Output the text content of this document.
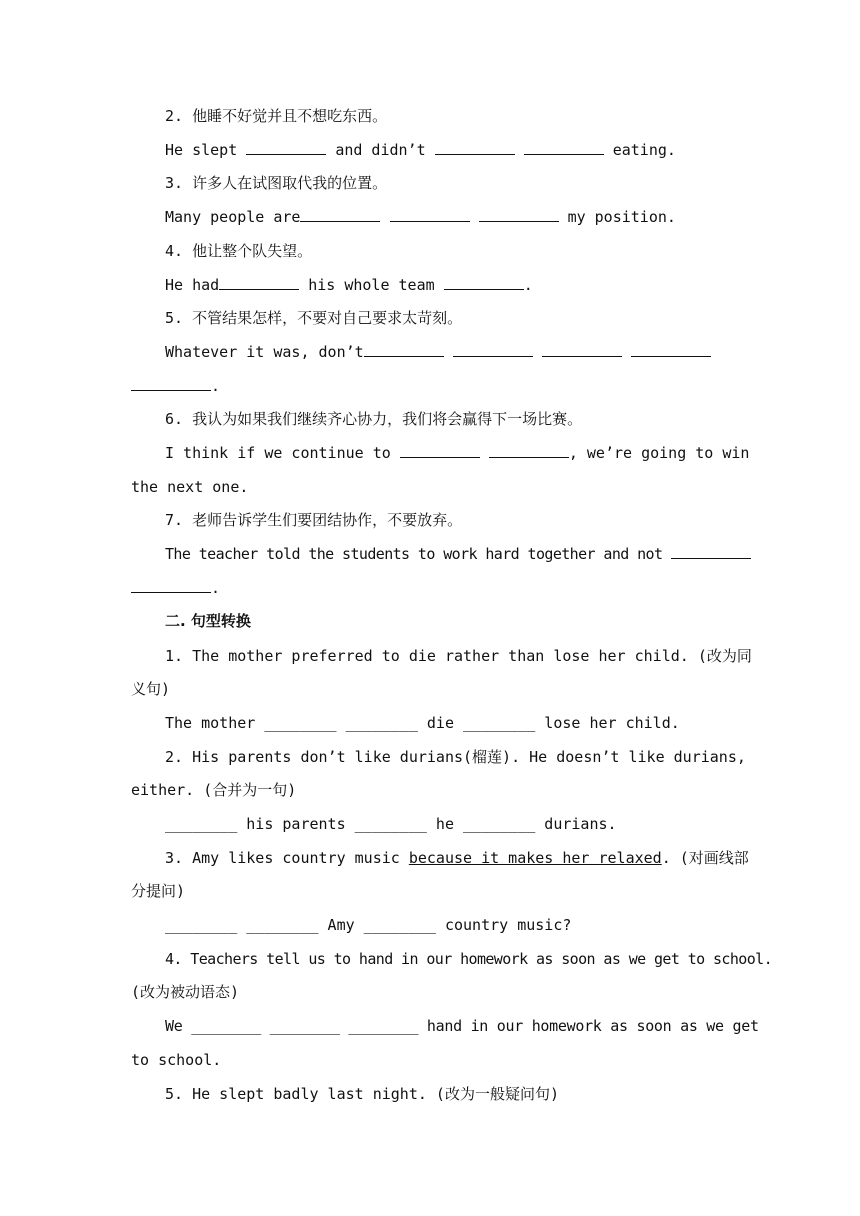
2. 他睡不好觉并且不想吃东西。
He slept	and didn’t	eating.
3. 许多人在试图取代我的位置。
Many people are	my position.
4. 他让整个队失望。
He had	his whole team	.
5. 不管结果怎样，不要对自己要求太苛刻。
Whatever it was, don’t
.
6. 我认为如果我们继续齐心协力，我们将会赢得下一场比赛。
I think if we continue to	, we’re going to win
the next one.
7. 老师告诉学生们要团结协作，不要放弃。
The teacher told the students to work hard together and not
.
二. 句型转换
1. The mother preferred to die rather than lose her child. (改为同
义句)
The mother ________ ________ die ________ lose her child.
2. His parents don’t like durians(榴莲). He doesn’t like durians,
either. (合并为一句)
________ his parents ________ he ________ durians.
3. Amy likes country music because it makes her relaxed. (对画线部
分提问)
________ ________ Amy ________ country music?
4. Teachers tell us to hand in our homework as soon as we get to school.
(改为被动语态)
We ________ ________ ________ hand in our homework as soon as we get
to school.
5. He slept badly last night. (改为一般疑问句)
